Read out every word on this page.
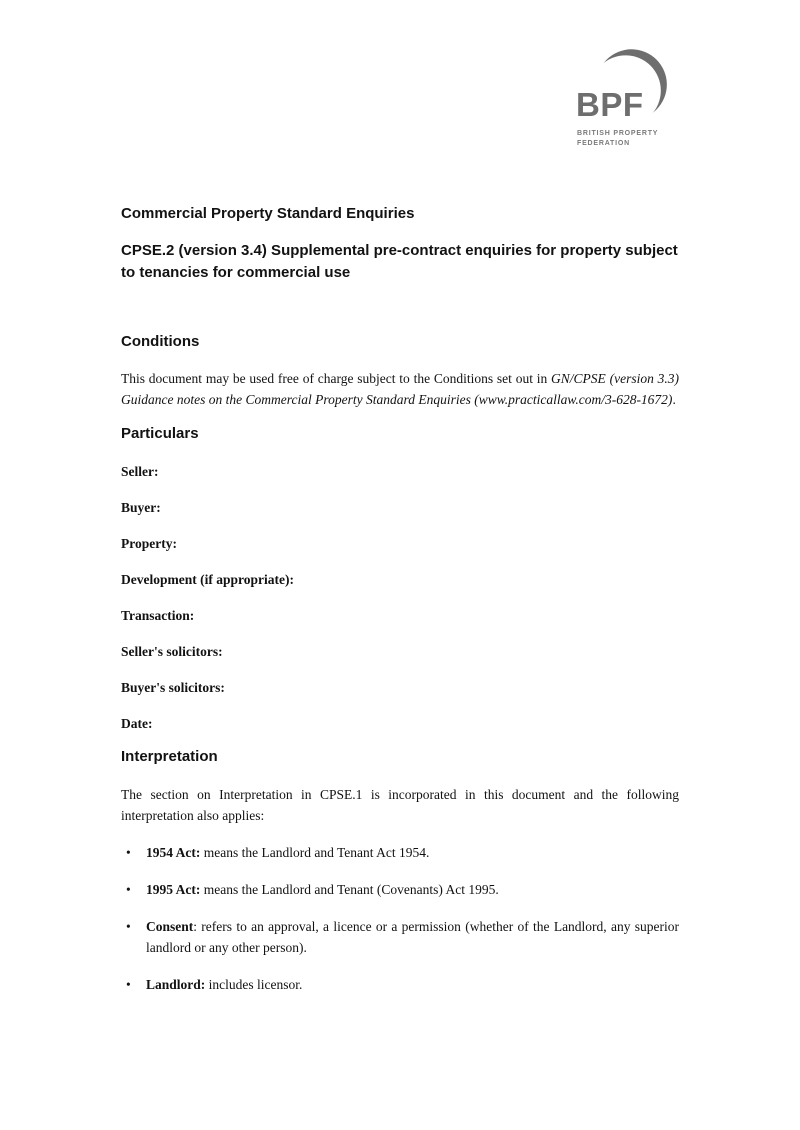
BPF
BRITISH PROPERTY
FEDERATION
Commercial Property Standard Enquiries
CPSE.2 (version 3.4) Supplemental pre-contract enquiries for property subject to tenancies for commercial use
Conditions

This document may be used free of charge subject to the Conditions set out in GN/CPSE (version 3.3) Guidance notes on the Commercial Property Standard Enquiries (www.practicallaw.com/3-628-1672).

Particulars
Seller:
Buyer:
Property:
Development (if appropriate):
Transaction:
Seller's solicitors:
Buyer's solicitors:
Date:
Interpretation

The section on Interpretation in CPSE.1 is incorporated in this document and the following interpretation also applies:

•	1954 Act: means the Landlord and Tenant Act 1954.
•	1995 Act: means the Landlord and Tenant (Covenants) Act 1995.
•	Consent: refers to an approval, a licence or a permission (whether of the Landlord, any superior landlord or any other person).
•	Landlord: includes licensor.
